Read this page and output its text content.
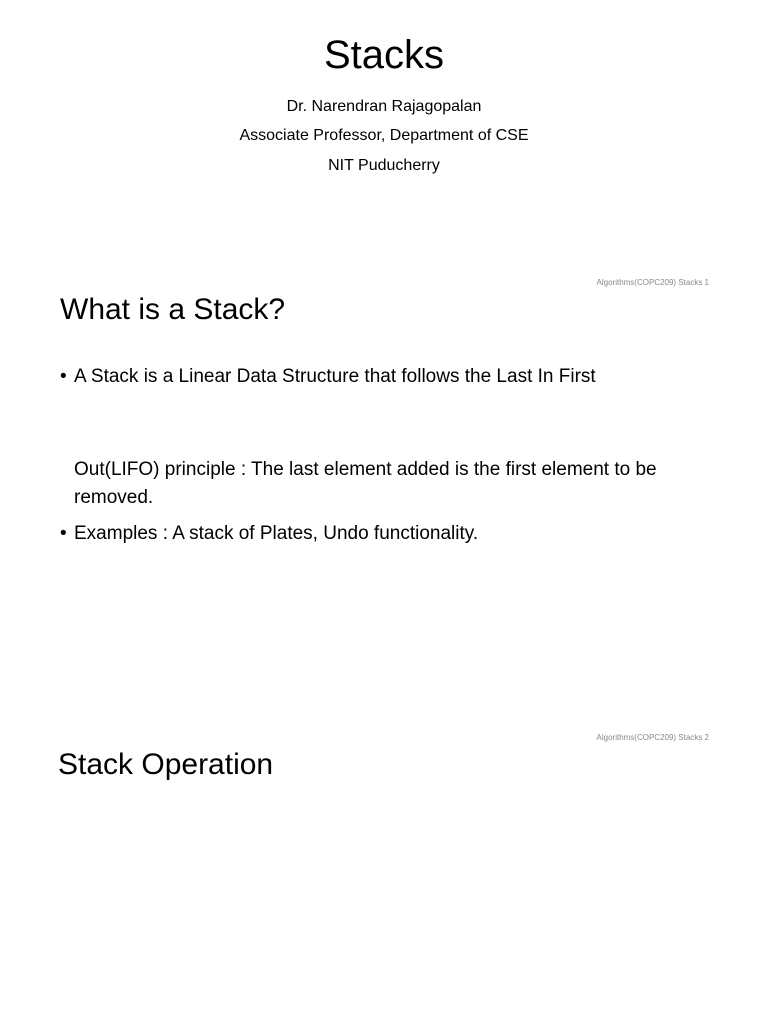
Stacks
Dr. Narendran Rajagopalan
Associate Professor, Department of CSE
NIT Puducherry
Algorithms(COPC209) Stacks 1
What is a Stack?
• A Stack is a Linear Data Structure that follows the Last In First
Out(LIFO) principle : The last element added is the first element to be removed.
• Examples : A stack of Plates, Undo functionality.
Algorithms(COPC209) Stacks 2
Stack Operation
